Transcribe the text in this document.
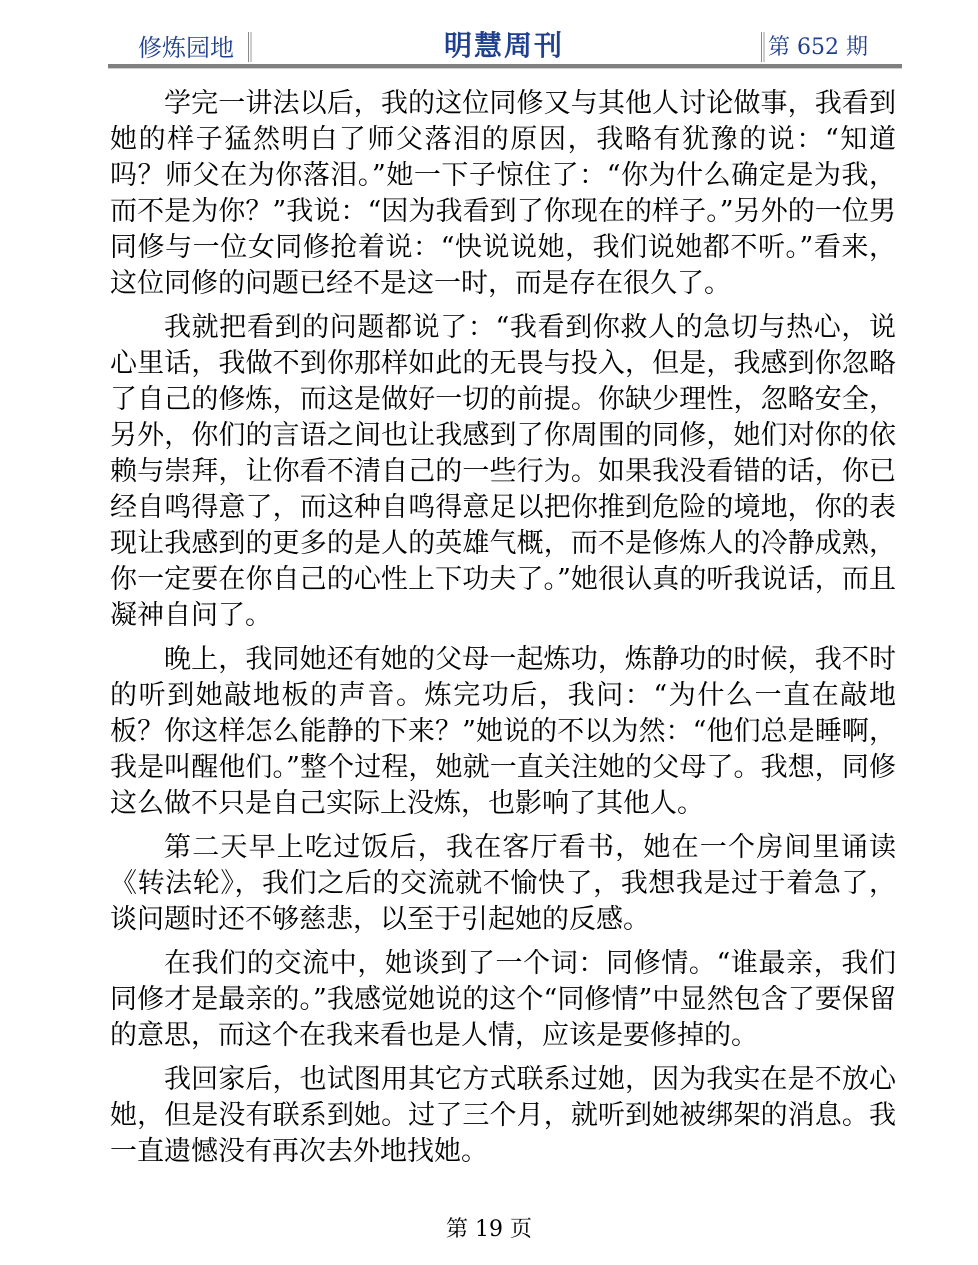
修炼园地	明慧周刊	第 652 期

学完一讲法以后，我的这位同修又与其他人讨论做事，我看到她的样子猛然明白了师父落泪的原因，我略有犹豫的说：“知道吗？师父在为你落泪。”她一下子惊住了：“你为什么确定是为我，而不是为你？”我说：“因为我看到了你现在的样子。”另外的一位男同修与一位女同修抢着说：“快说说她，我们说她都不听。”看来，这位同修的问题已经不是这一时，而是存在很久了。

我就把看到的问题都说了：“我看到你救人的急切与热心，说心里话，我做不到你那样如此的无畏与投入，但是，我感到你忽略了自己的修炼，而这是做好一切的前提。你缺少理性，忽略安全，另外，你们的言语之间也让我感到了你周围的同修，她们对你的依赖与崇拜，让你看不清自己的一些行为。如果我没看错的话，你已经自鸣得意了，而这种自鸣得意足以把你推到危险的境地，你的表现让我感到的更多的是人的英雄气概，而不是修炼人的冷静成熟，你一定要在你自己的心性上下功夫了。”她很认真的听我说话，而且凝神自问了。

晚上，我同她还有她的父母一起炼功，炼静功的时候，我不时的听到她敲地板的声音。炼完功后，我问：“为什么一直在敲地板？你这样怎么能静的下来？”她说的不以为然：“他们总是睡啊，我是叫醒他们。”整个过程，她就一直关注她的父母了。我想，同修这么做不只是自己实际上没炼，也影响了其他人。

第二天早上吃过饭后，我在客厅看书，她在一个房间里诵读《转法轮》，我们之后的交流就不愉快了，我想我是过于着急了，谈问题时还不够慈悲，以至于引起她的反感。

在我们的交流中，她谈到了一个词：同修情。“谁最亲，我们同修才是最亲的。”我感觉她说的这个“同修情”中显然包含了要保留的意思，而这个在我来看也是人情，应该是要修掉的。

我回家后，也试图用其它方式联系过她，因为我实在是不放心她，但是没有联系到她。过了三个月，就听到她被绑架的消息。我一直遗憾没有再次去外地找她。

第 19 页
